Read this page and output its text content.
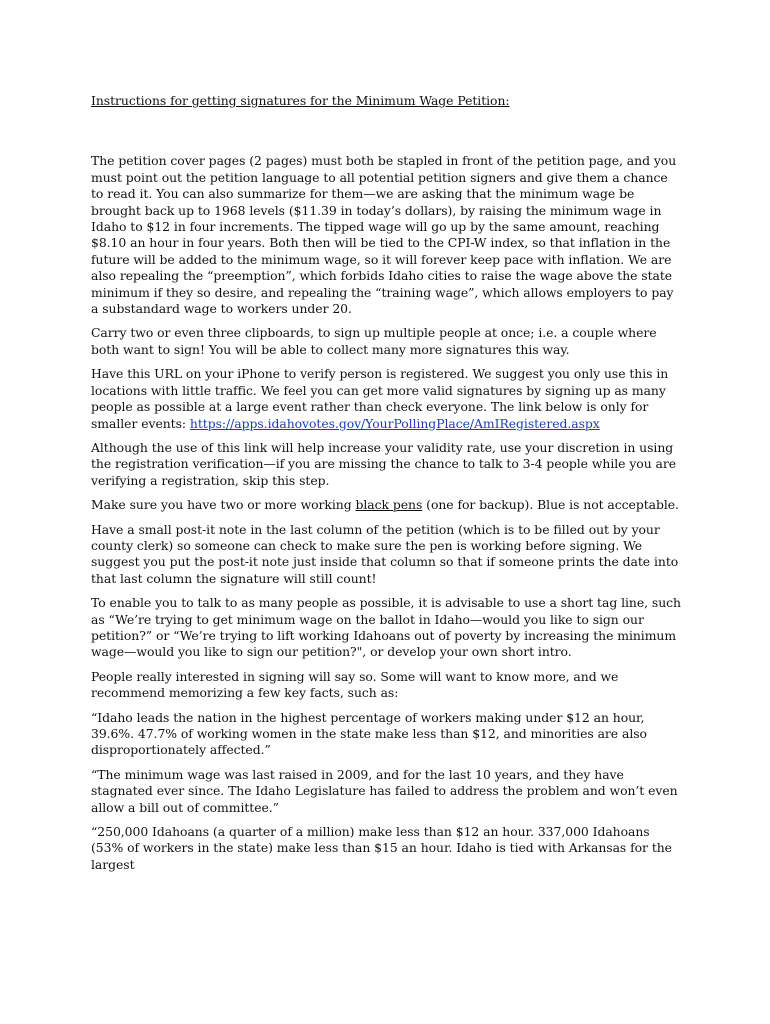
Instructions for getting signatures for the Minimum Wage Petition:

The petition cover pages (2 pages) must both be stapled in front of the petition page, and you must point out the petition language to all potential petition signers and give them a chance to read it. You can also summarize for them—we are asking that the minimum wage be brought back up to 1968 levels ($11.39 in today’s dollars), by raising the minimum wage in Idaho to $12 in four increments. The tipped wage will go up by the same amount, reaching $8.10 an hour in four years. Both then will be tied to the CPI-W index, so that inflation in the future will be added to the minimum wage, so it will forever keep pace with inflation. We are also repealing the “preemption”, which forbids Idaho cities to raise the wage above the state minimum if they so desire, and repealing the “training wage”, which allows employers to pay a substandard wage to workers under 20.

Carry two or even three clipboards, to sign up multiple people at once; i.e. a couple where both want to sign! You will be able to collect many more signatures this way.

Have this URL on your iPhone to verify person is registered. We suggest you only use this in locations with little traffic. We feel you can get more valid signatures by signing up as many people as possible at a large event rather than check everyone. The link below is only for smaller events: https://apps.idahovotes.gov/YourPollingPlace/AmIRegistered.aspx

Although the use of this link will help increase your validity rate, use your discretion in using the registration verification—if you are missing the chance to talk to 3-4 people while you are verifying a registration, skip this step.

Make sure you have two or more working black pens (one for backup). Blue is not acceptable.

Have a small post-it note in the last column of the petition (which is to be filled out by your county clerk) so someone can check to make sure the pen is working before signing. We suggest you put the post-it note just inside that column so that if someone prints the date into that last column the signature will still count!

To enable you to talk to as many people as possible, it is advisable to use a short tag line, such as “We’re trying to get minimum wage on the ballot in Idaho—would you like to sign our petition?” or “We’re trying to lift working Idahoans out of poverty by increasing the minimum wage—would you like to sign our petition?", or develop your own short intro.

People really interested in signing will say so. Some will want to know more, and we recommend memorizing a few key facts, such as:

“Idaho leads the nation in the highest percentage of workers making under $12 an hour, 39.6%. 47.7% of working women in the state make less than $12, and minorities are also disproportionately affected.”

“The minimum wage was last raised in 2009, and for the last 10 years, and they have stagnated ever since. The Idaho Legislature has failed to address the problem and won’t even allow a bill out of committee.”

“250,000 Idahoans (a quarter of a million) make less than $12 an hour. 337,000 Idahoans (53% of workers in the state) make less than $15 an hour. Idaho is tied with Arkansas for the largest
